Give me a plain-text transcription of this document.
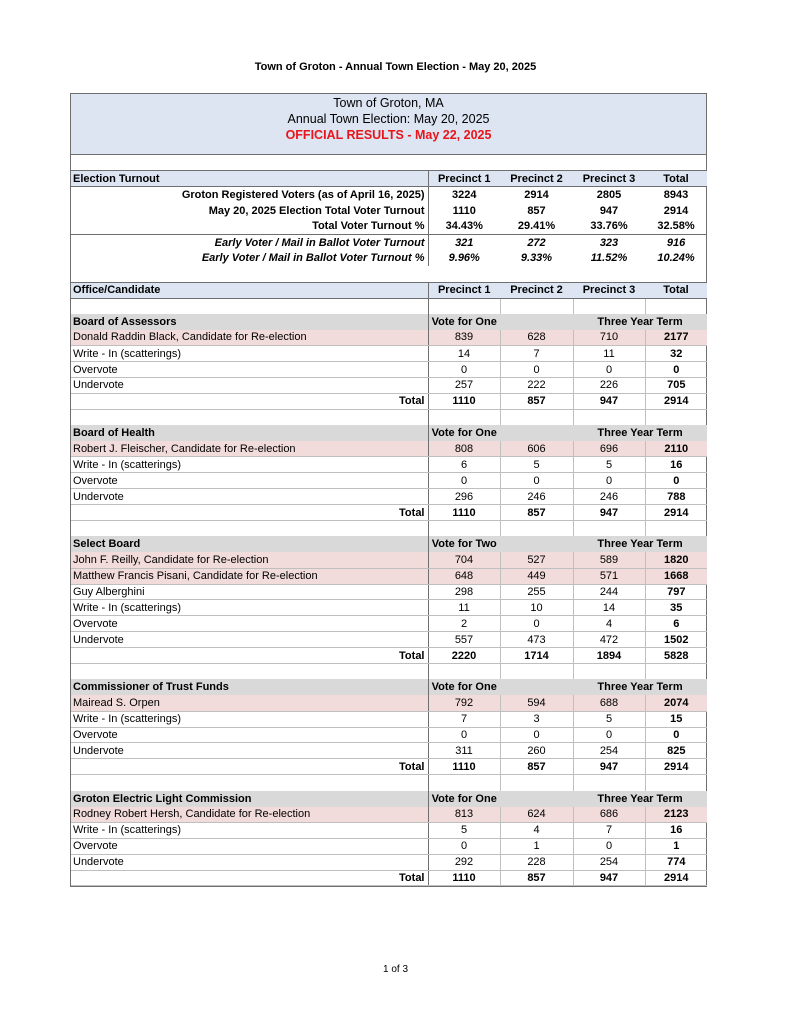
Town of Groton - Annual Town Election - May 20, 2025
Town of Groton, MA
Annual Town Election: May 20, 2025
OFFICIAL RESULTS - May 22, 2025

Election Turnout	Precinct 1	Precinct 2	Precinct 3	Total
Groton Registered Voters (as of April 16, 2025)	3224	2914	2805	8943
May 20, 2025 Election Total Voter Turnout	1110	857	947	2914
Total Voter Turnout %	34.43%	29.41%	33.76%	32.58%
Early Voter / Mail in Ballot Voter Turnout	321	272	323	916
Early Voter / Mail in Ballot Voter Turnout %	9.96%	9.33%	11.52%	10.24%

Office/Candidate	Precinct 1	Precinct 2	Precinct 3	Total

Board of Assessors	Vote for One		Three Year Term	
Donald Raddin Black, Candidate for Re-election	839	628	710	2177
Write - In (scatterings)	14	7	11	32
Overvote	0	0	0	0
Undervote	257	222	226	705
Total	1110	857	947	2914

Board of Health	Vote for One		Three Year Term	
Robert J. Fleischer, Candidate for Re-election	808	606	696	2110
Write - In (scatterings)	6	5	5	16
Overvote	0	0	0	0
Undervote	296	246	246	788
Total	1110	857	947	2914

Select Board	Vote for Two		Three Year Term	
John F. Reilly, Candidate for Re-election	704	527	589	1820
Matthew Francis Pisani, Candidate for Re-election	648	449	571	1668
Guy Alberghini	298	255	244	797
Write - In (scatterings)	11	10	14	35
Overvote	2	0	4	6
Undervote	557	473	472	1502
Total	2220	1714	1894	5828

Commissioner of Trust Funds	Vote for One		Three Year Term	
Mairead S. Orpen	792	594	688	2074
Write - In (scatterings)	7	3	5	15
Overvote	0	0	0	0
Undervote	311	260	254	825
Total	1110	857	947	2914

Groton Electric Light Commission	Vote for One		Three Year Term	
Rodney Robert Hersh, Candidate for Re-election	813	624	686	2123
Write - In (scatterings)	5	4	7	16
Overvote	0	1	0	1
Undervote	292	228	254	774
Total	1110	857	947	2914
1 of 3
